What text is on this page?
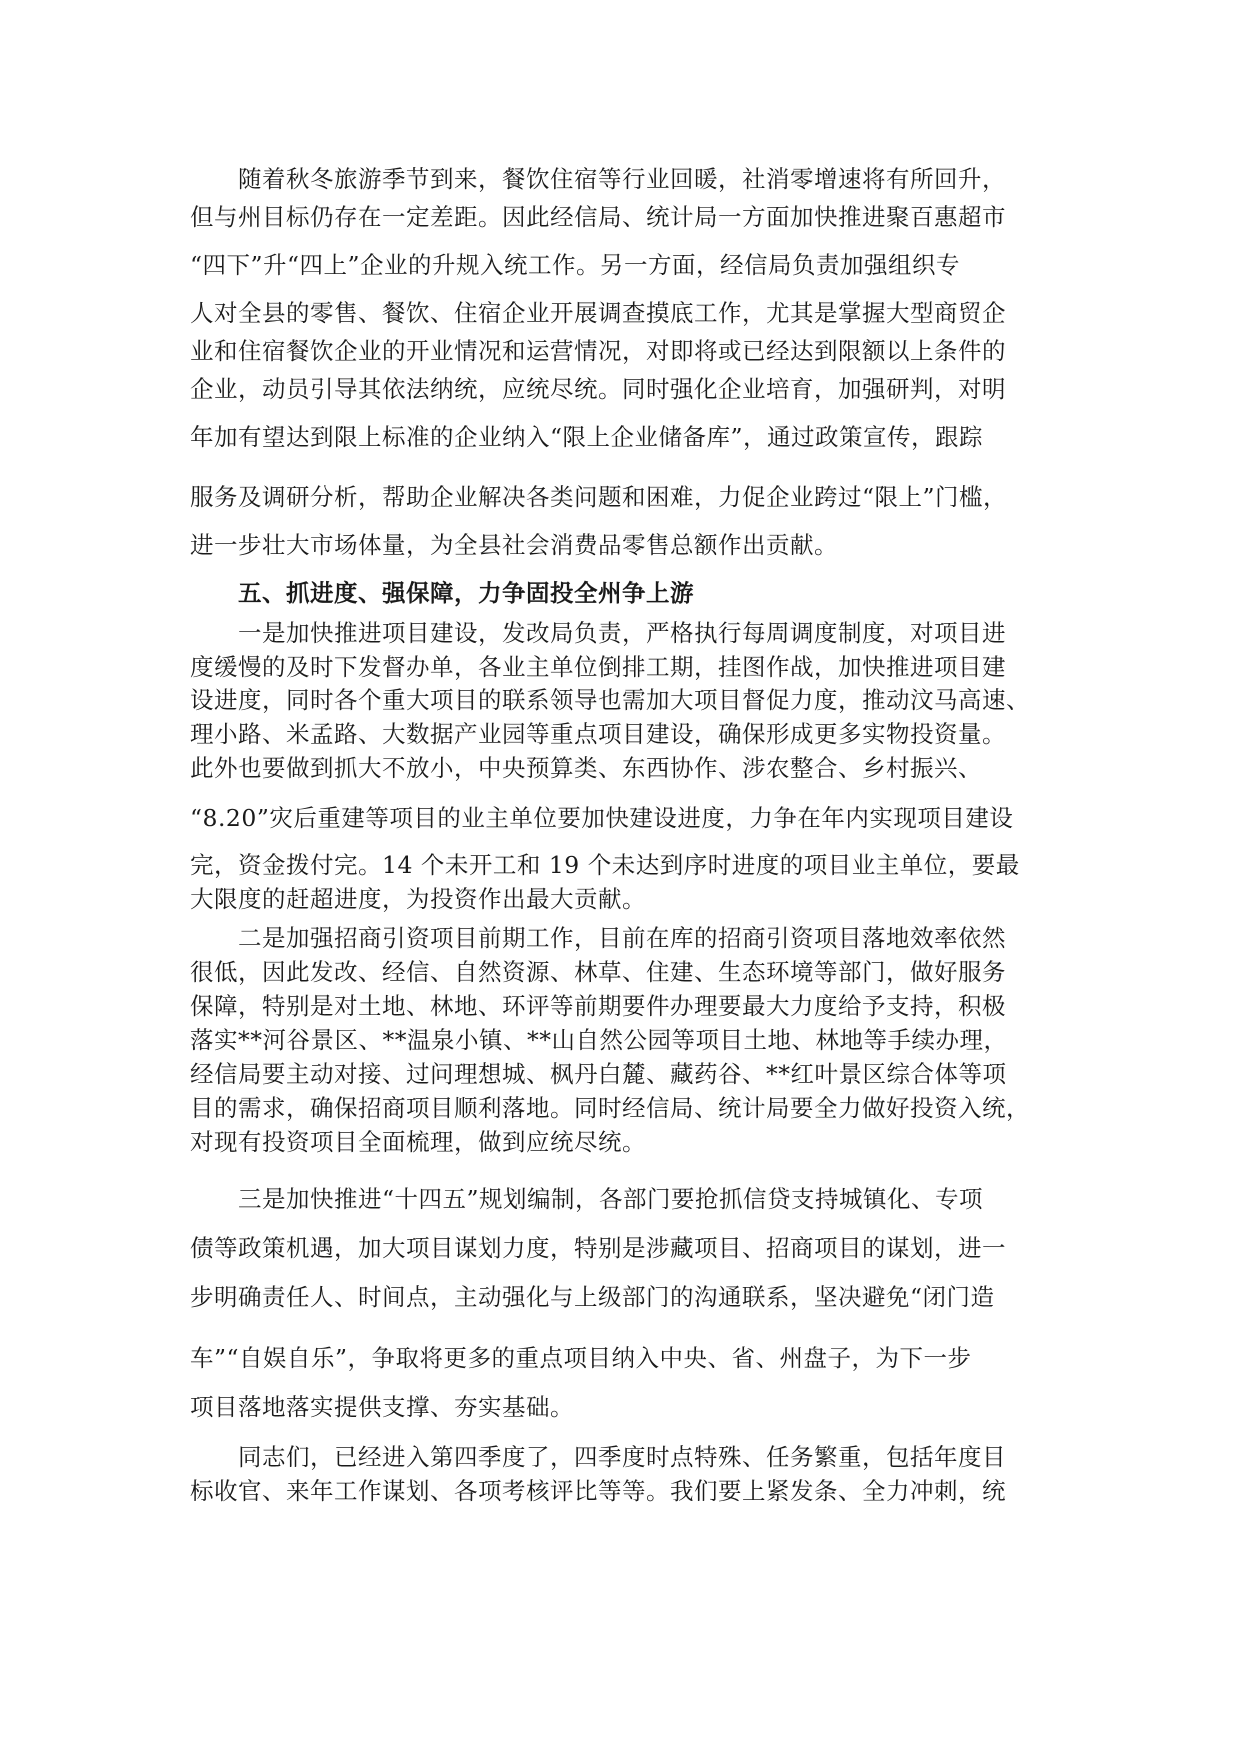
随着秋冬旅游季节到来，餐饮住宿等行业回暖，社消零增速将有所回升，
但与州目标仍存在一定差距。因此经信局、统计局一方面加快推进聚百惠超市
“四下”升“四上”企业的升规入统工作。另一方面，经信局负责加强组织专
人对全县的零售、餐饮、住宿企业开展调查摸底工作，尤其是掌握大型商贸企
业和住宿餐饮企业的开业情况和运营情况，对即将或已经达到限额以上条件的
企业，动员引导其依法纳统，应统尽统。同时强化企业培育，加强研判，对明
年加有望达到限上标准的企业纳入“限上企业储备库”，通过政策宣传，跟踪
服务及调研分析，帮助企业解决各类问题和困难，力促企业跨过“限上”门槛，
进一步壮大市场体量，为全县社会消费品零售总额作出贡献。
五、抓进度、强保障，力争固投全州争上游
一是加快推进项目建设，发改局负责，严格执行每周调度制度，对项目进
度缓慢的及时下发督办单，各业主单位倒排工期，挂图作战，加快推进项目建
设进度，同时各个重大项目的联系领导也需加大项目督促力度，推动汶马高速、
理小路、米孟路、大数据产业园等重点项目建设，确保形成更多实物投资量。
此外也要做到抓大不放小，中央预算类、东西协作、涉农整合、乡村振兴、
“8.20”灾后重建等项目的业主单位要加快建设进度，力争在年内实现项目建设
完，资金拨付完。14 个未开工和 19 个未达到序时进度的项目业主单位，要最
大限度的赶超进度，为投资作出最大贡献。
二是加强招商引资项目前期工作，目前在库的招商引资项目落地效率依然
很低，因此发改、经信、自然资源、林草、住建、生态环境等部门，做好服务
保障，特别是对土地、林地、环评等前期要件办理要最大力度给予支持，积极
落实**河谷景区、**温泉小镇、**山自然公园等项目土地、林地等手续办理，
经信局要主动对接、过问理想城、枫丹白麓、藏药谷、**红叶景区综合体等项
目的需求，确保招商项目顺利落地。同时经信局、统计局要全力做好投资入统，
对现有投资项目全面梳理，做到应统尽统。
三是加快推进“十四五”规划编制，各部门要抢抓信贷支持城镇化、专项
债等政策机遇，加大项目谋划力度，特别是涉藏项目、招商项目的谋划，进一
步明确责任人、时间点，主动强化与上级部门的沟通联系，坚决避免“闭门造
车”“自娱自乐”，争取将更多的重点项目纳入中央、省、州盘子，为下一步
项目落地落实提供支撑、夯实基础。
同志们，已经进入第四季度了，四季度时点特殊、任务繁重，包括年度目
标收官、来年工作谋划、各项考核评比等等。我们要上紧发条、全力冲刺，统
